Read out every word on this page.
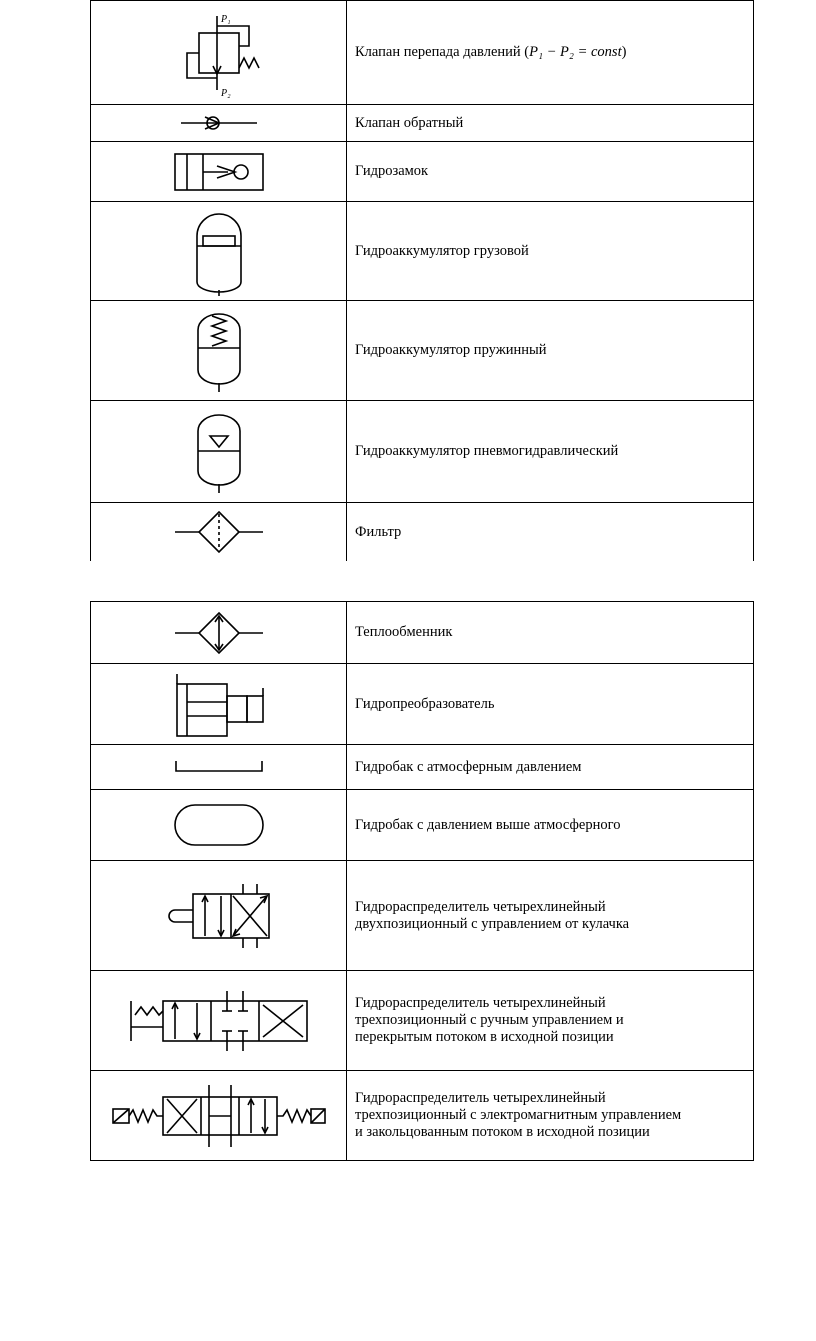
P₁
P₂
Клапан перепада давлений ( P₁ − P₂ = const )
Клапан обратный
Гидрозамок
Гидроаккумулятор грузовой
Гидроаккумулятор пружинный
Гидроаккумулятор пневмогидравлический
Фильтр
Теплообменник
Гидропреобразователь
Гидробак с атмосферным давлением
Гидробак с давлением выше атмосферного
Гидрораспределитель четырехлинейный
двухпозиционный с управлением от кулачка
Гидрораспределитель четырехлинейный
трехпозиционный с ручным управлением и
перекрытым потоком в исходной позиции
Гидрораспределитель четырехлинейный
трехпозиционный с электромагнитным управлением
и закольцованным потоком в исходной позиции
